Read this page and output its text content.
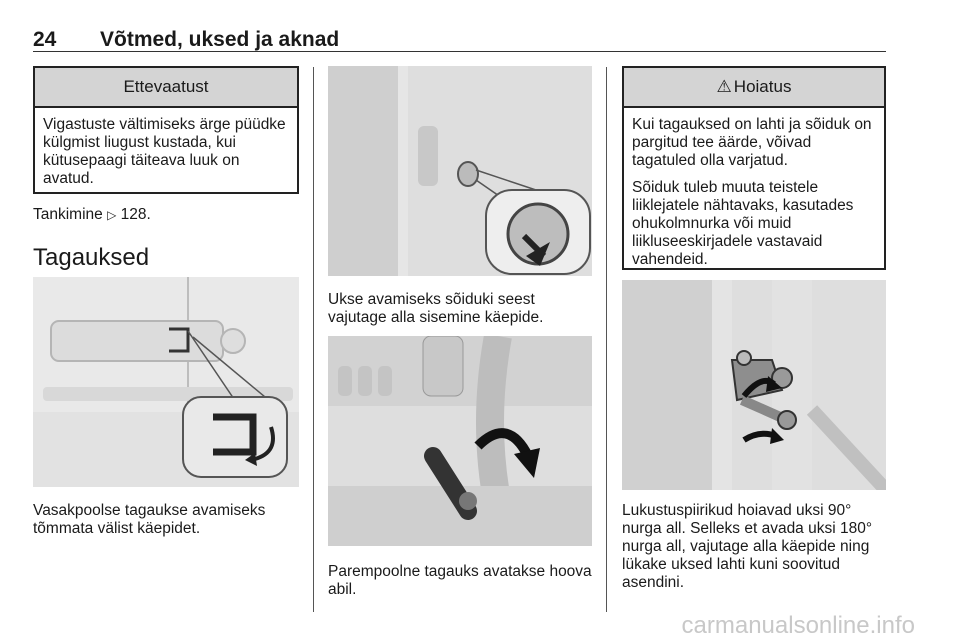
24 Võtmed, uksed ja aknad
Ettevaatust
Vigastuste vältimiseks ärge püüdke külgmist liugust kustada, kui kütusepaagi täiteava luuk on avatud.
Tankimine ▷ 128.
Tagauksed
Vasakpoolse tagaukse avamiseks tõmmata välist käepidet.
Ukse avamiseks sõiduki seest vajutage alla sisemine käepide.
Parempoolne tagauks avatakse hoova abil.
⚠ Hoiatus

Kui tagauksed on lahti ja sõiduk on pargitud tee äärde, võivad tagatuled olla varjatud.

Sõiduk tuleb muuta teistele liiklejatele nähtavaks, kasutades ohukolmnurka või muid liikluseeskirjadele vastavaid vahendeid.

Lukustuspiirikud hoiavad uksi 90° nurga all. Selleks et avada uksi 180° nurga all, vajutage alla käepide ning lükake uksed lahti kuni soovitud asendini.
carmanualsonline.info
